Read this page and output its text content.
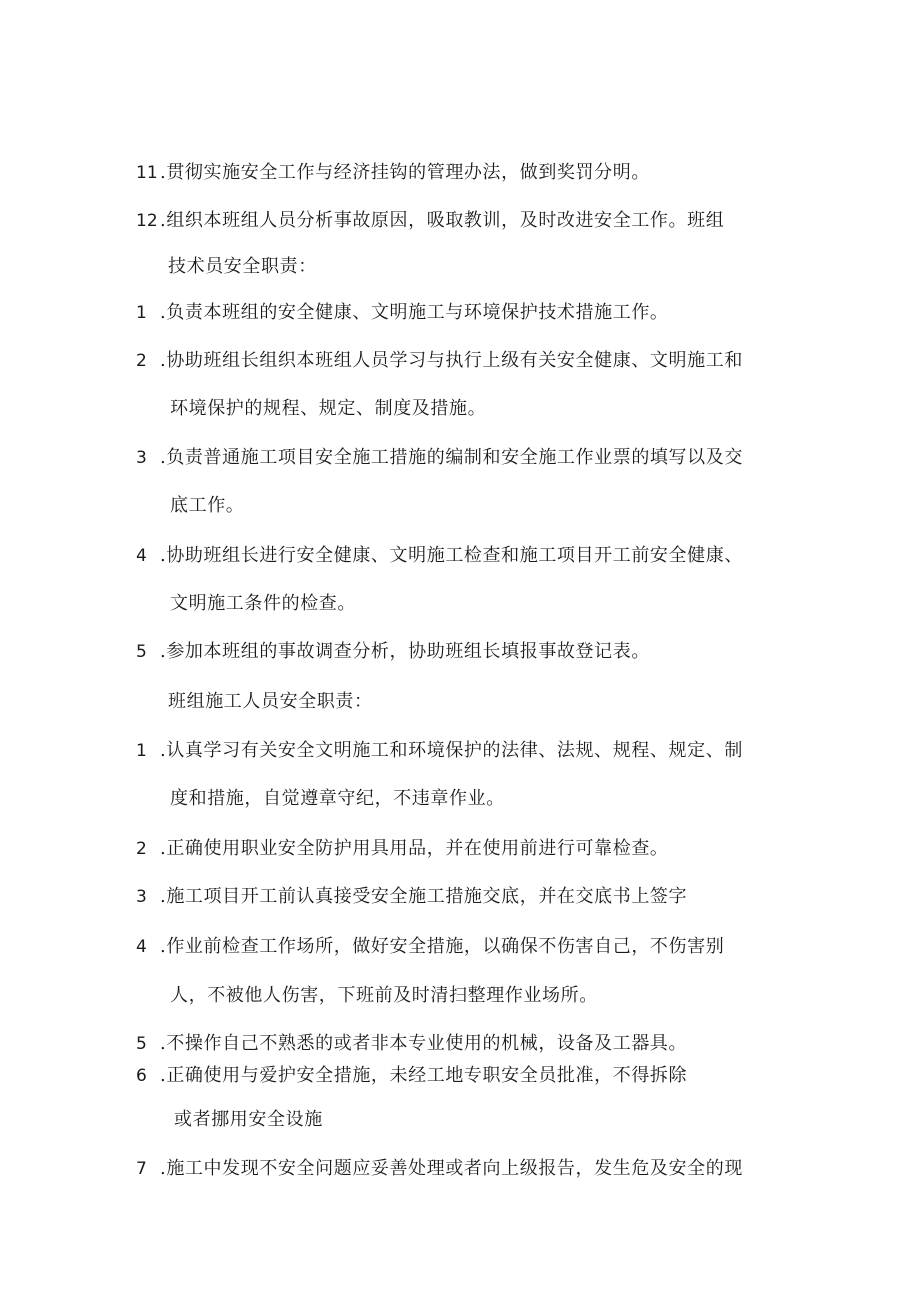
11 .贯彻实施安全工作与经济挂钩的管理办法，做到奖罚分明。
12 .组织本班组人员分析事故原因，吸取教训，及时改进安全工作。班组
技术员安全职责：
1 .负责本班组的安全健康、文明施工与环境保护技术措施工作。
2 .协助班组长组织本班组人员学习与执行上级有关安全健康、文明施工和
环境保护的规程、规定、制度及措施。
3 .负责普通施工项目安全施工措施的编制和安全施工作业票的填写以及交
底工作。
4 .协助班组长进行安全健康、文明施工检查和施工项目开工前安全健康、
文明施工条件的检查。
5 .参加本班组的事故调查分析，协助班组长填报事故登记表。
班组施工人员安全职责：
1 .认真学习有关安全文明施工和环境保护的法律、法规、规程、规定、制
度和措施，自觉遵章守纪，不违章作业。
2 .正确使用职业安全防护用具用品，并在使用前进行可靠检查。
3 .施工项目开工前认真接受安全施工措施交底，并在交底书上签字
4 .作业前检查工作场所，做好安全措施，以确保不伤害自己，不伤害别
人，不被他人伤害，下班前及时清扫整理作业场所。
5 .不操作自己不熟悉的或者非本专业使用的机械，设备及工器具。
6 .正确使用与爱护安全措施，未经工地专职安全员批准，不得拆除
或者挪用安全设施
7 .施工中发现不安全问题应妥善处理或者向上级报告，发生危及安全的现
